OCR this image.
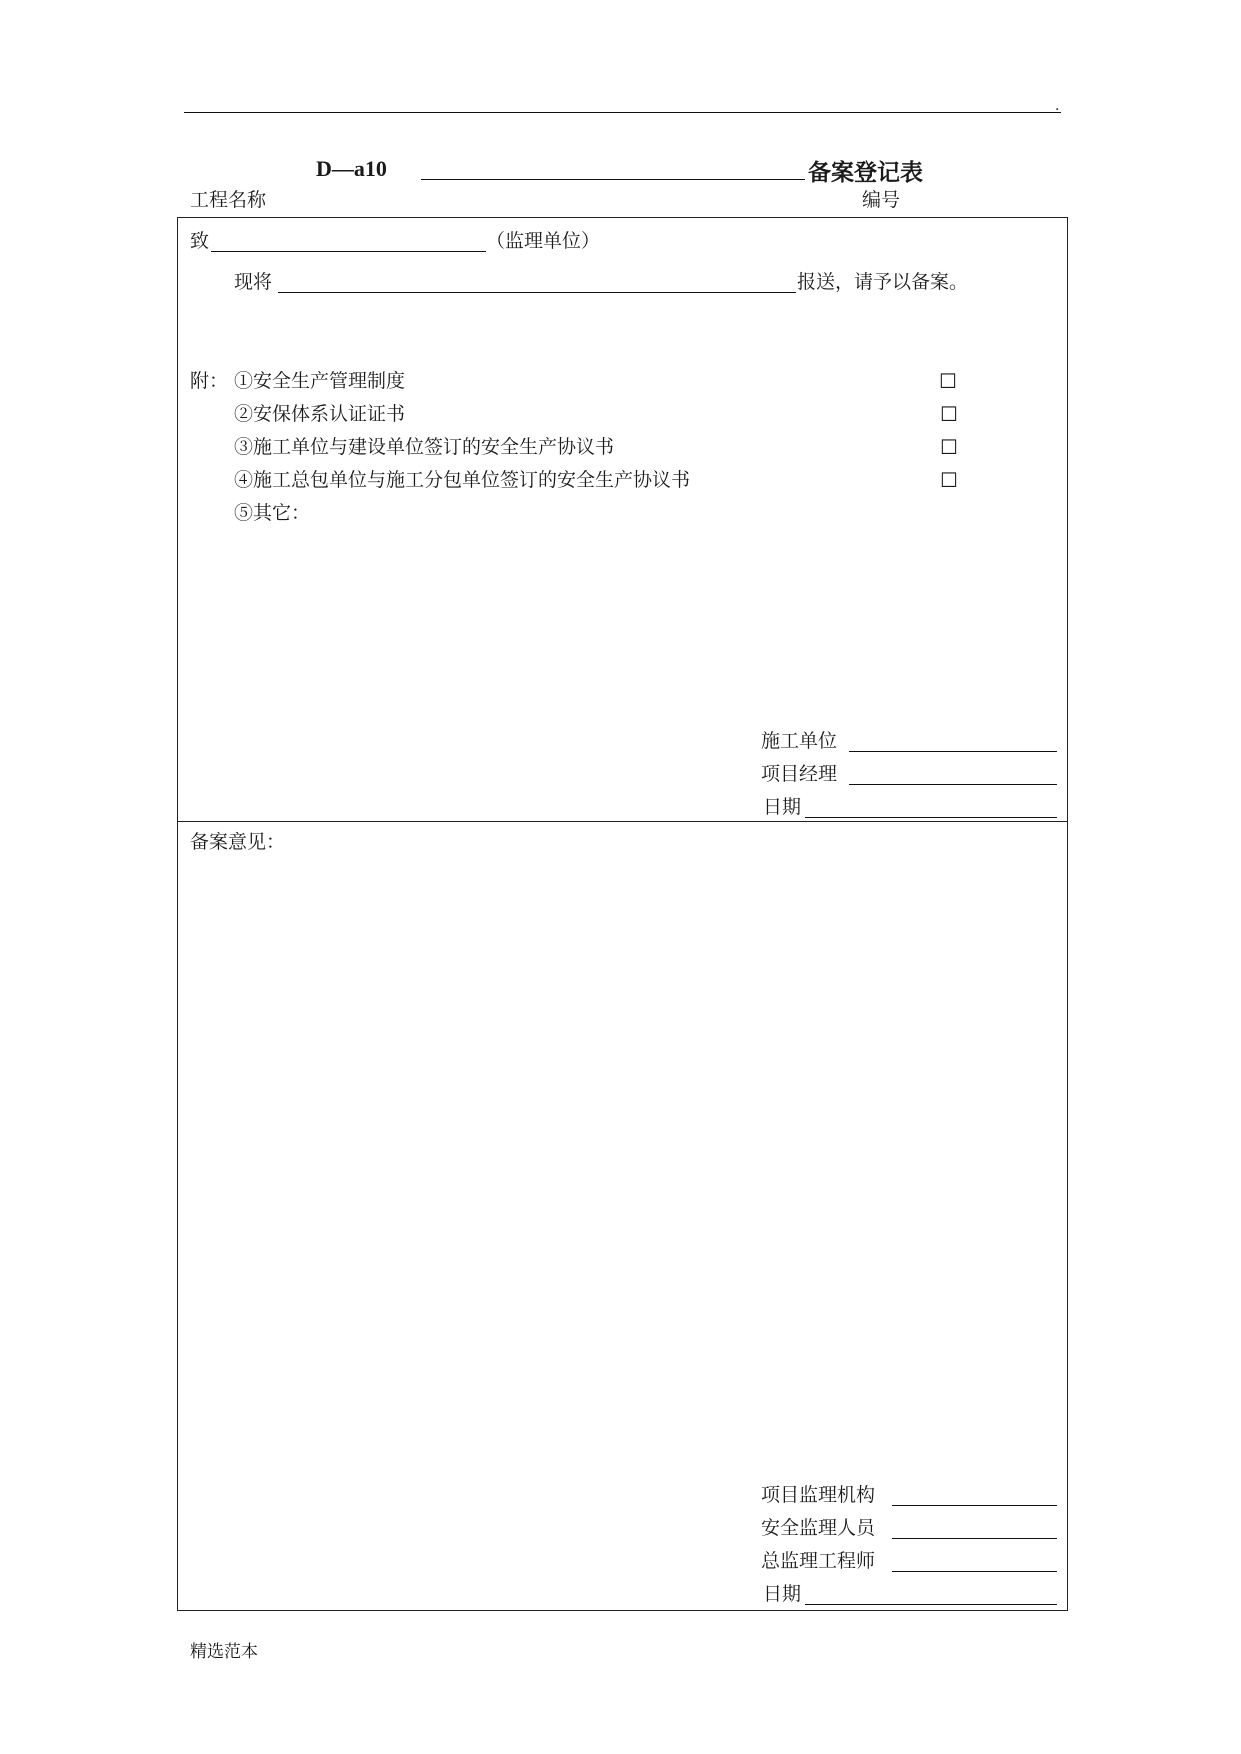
.
D—a10	备案登记表
工程名称	编号
致	（监理单位）
现将	报送，请予以备案。
附： ①安全生产管理制度	☐
②安保体系认证证书	☐
③施工单位与建设单位签订的安全生产协议书	☐
④施工总包单位与施工分包单位签订的安全生产协议书	☐
⑤其它：
施工单位
项目经理
日期
备案意见：
项目监理机构
安全监理人员
总监理工程师
日期
精选范本
